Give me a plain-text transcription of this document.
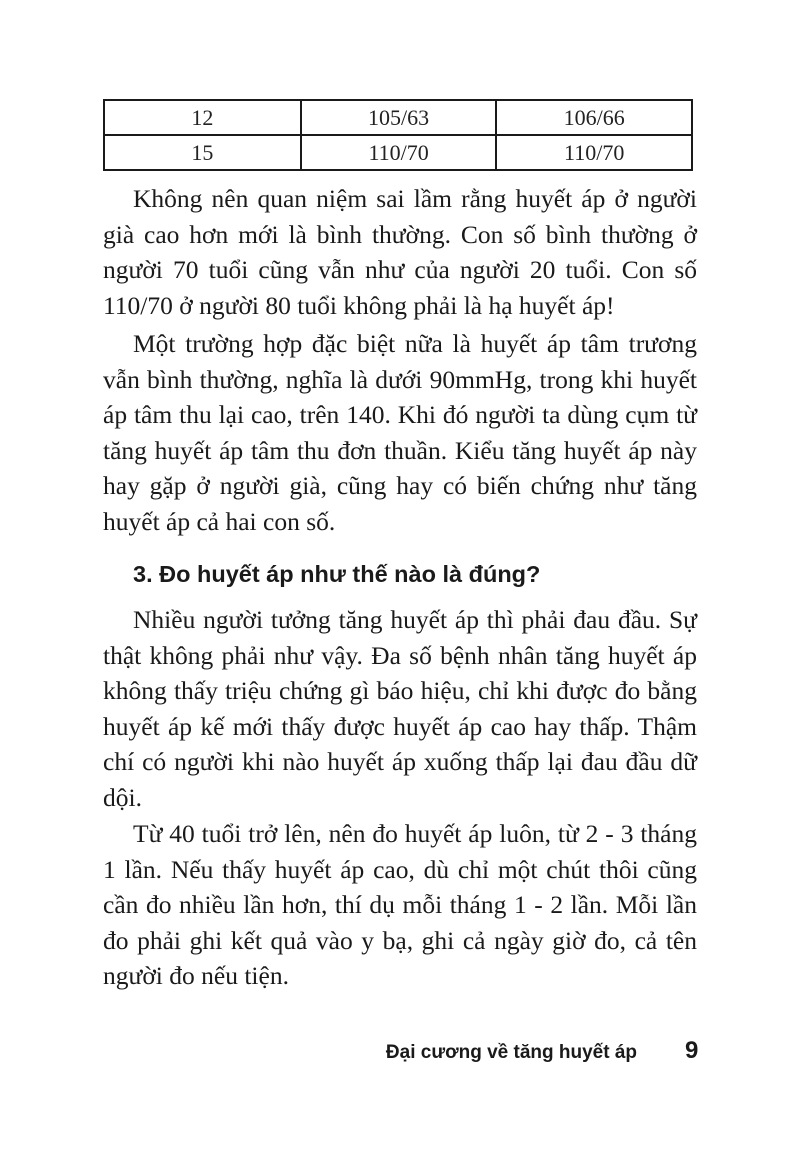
12	105/63	106/66
15	110/70	110/70

Không nên quan niệm sai lầm rằng huyết áp ở người già cao hơn mới là bình thường. Con số bình thường ở người 70 tuổi cũng vẫn như của người 20 tuổi. Con số 110/70 ở người 80 tuổi không phải là hạ huyết áp!

Một trường hợp đặc biệt nữa là huyết áp tâm trương vẫn bình thường, nghĩa là dưới 90mmHg, trong khi huyết áp tâm thu lại cao, trên 140. Khi đó người ta dùng cụm từ tăng huyết áp tâm thu đơn thuần. Kiểu tăng huyết áp này hay gặp ở người già, cũng hay có biến chứng như tăng huyết áp cả hai con số.

3. Đo huyết áp như thế nào là đúng?

Nhiều người tưởng tăng huyết áp thì phải đau đầu. Sự thật không phải như vậy. Đa số bệnh nhân tăng huyết áp không thấy triệu chứng gì báo hiệu, chỉ khi được đo bằng huyết áp kế mới thấy được huyết áp cao hay thấp. Thậm chí có người khi nào huyết áp xuống thấp lại đau đầu dữ dội.

Từ 40 tuổi trở lên, nên đo huyết áp luôn, từ 2 - 3 tháng 1 lần. Nếu thấy huyết áp cao, dù chỉ một chút thôi cũng cần đo nhiều lần hơn, thí dụ mỗi tháng 1 - 2 lần. Mỗi lần đo phải ghi kết quả vào y bạ, ghi cả ngày giờ đo, cả tên người đo nếu tiện.

Đại cương về tăng huyết áp 9
